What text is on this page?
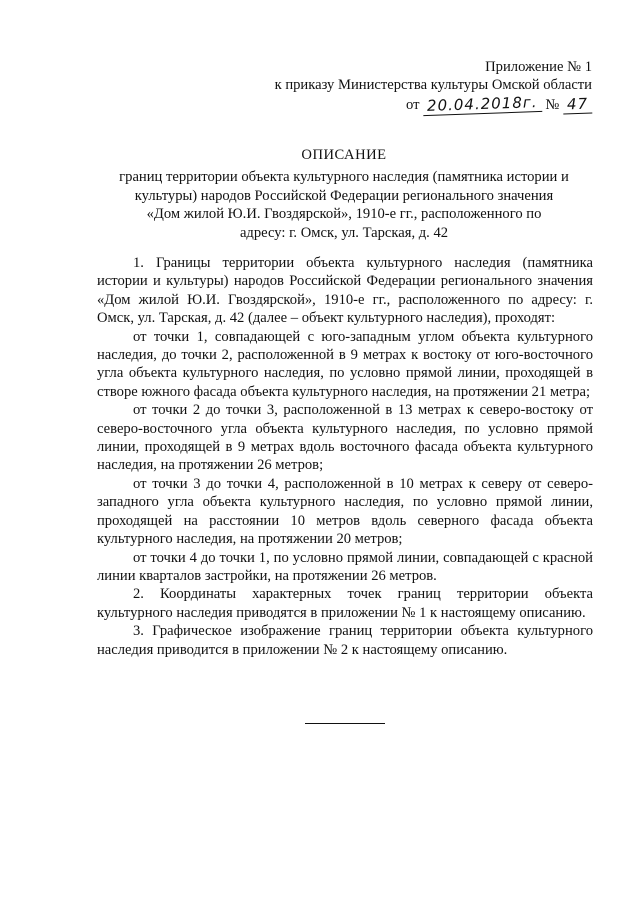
Приложение № 1
к приказу Министерства культуры Омской области
от 20.04.2018г. № 47
ОПИСАНИЕ
границ территории объекта культурного наследия (памятника истории и
культуры) народов Российской Федерации регионального значения
«Дом жилой Ю.И. Гвоздярской», 1910-е гг., расположенного по
адресу: г. Омск, ул. Тарская, д. 42

1. Границы территории объекта культурного наследия (памятника истории и культуры) народов Российской Федерации регионального значения «Дом жилой Ю.И. Гвоздярской», 1910-е гг., расположенного по адресу: г. Омск, ул. Тарская, д. 42 (далее – объект культурного наследия), проходят:

от точки 1, совпадающей с юго-западным углом объекта культурного наследия, до точки 2, расположенной в 9 метрах к востоку от юго-восточного угла объекта культурного наследия, по условно прямой линии, проходящей в створе южного фасада объекта культурного наследия, на протяжении 21 метра;

от точки 2 до точки 3, расположенной в 13 метрах к северо-востоку от северо-восточного угла объекта культурного наследия, по условно прямой линии, проходящей в 9 метрах вдоль восточного фасада объекта культурного наследия, на протяжении 26 метров;

от точки 3 до точки 4, расположенной в 10 метрах к северу от северо-западного угла объекта культурного наследия, по условно прямой линии, проходящей на расстоянии 10 метров вдоль северного фасада объекта культурного наследия, на протяжении 20 метров;

от точки 4 до точки 1, по условно прямой линии, совпадающей с красной линии кварталов застройки, на протяжении 26 метров.

2. Координаты характерных точек границ территории объекта культурного наследия приводятся в приложении № 1 к настоящему описанию.

3. Графическое изображение границ территории объекта культурного наследия приводится в приложении № 2 к настоящему описанию.
